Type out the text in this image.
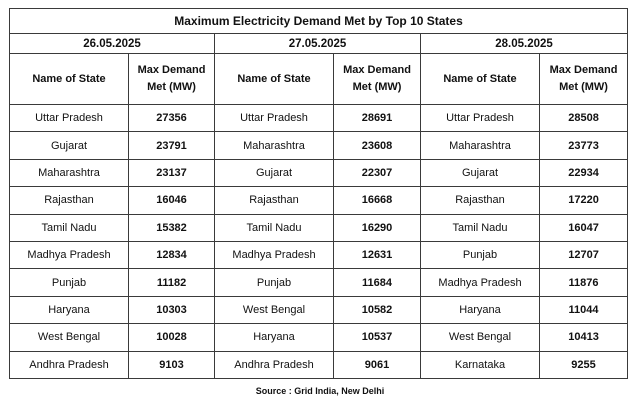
Maximum Electricity Demand Met by Top 10 States					
26.05.2025		27.05.2025		28.05.2025	
Name of State	Max Demand Met (MW)	Name of State	Max Demand Met (MW)	Name of State	Max Demand Met (MW)
Uttar Pradesh	27356	Uttar Pradesh	28691	Uttar Pradesh	28508
Gujarat	23791	Maharashtra	23608	Maharashtra	23773
Maharashtra	23137	Gujarat	22307	Gujarat	22934
Rajasthan	16046	Rajasthan	16668	Rajasthan	17220
Tamil Nadu	15382	Tamil Nadu	16290	Tamil Nadu	16047
Madhya Pradesh	12834	Madhya Pradesh	12631	Punjab	12707
Punjab	11182	Punjab	11684	Madhya Pradesh	11876
Haryana	10303	West Bengal	10582	Haryana	11044
West Bengal	10028	Haryana	10537	West Bengal	10413
Andhra Pradesh	9103	Andhra Pradesh	9061	Karnataka	9255
Source : Grid India, New Delhi
